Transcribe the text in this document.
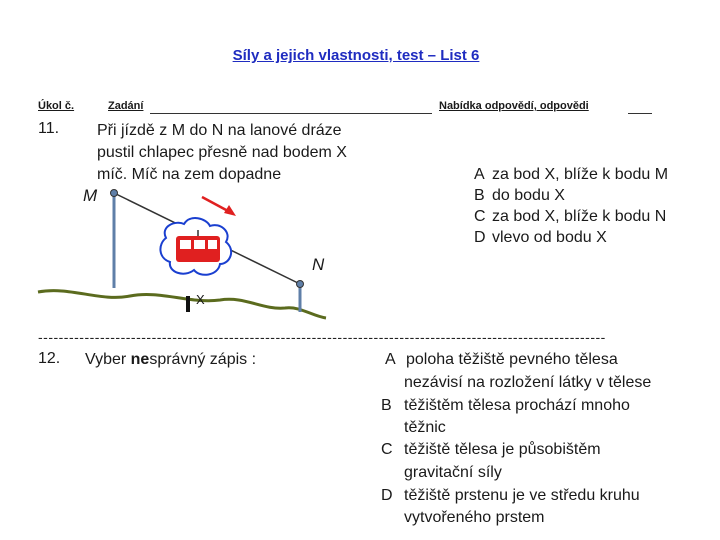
Síly a jejich vlastnosti, test – List 6
Úkol č.	Zadání	Nabídka odpovědí, odpovědi
11. Při jízdě z M do N na lanové dráze
pustil chlapec přesně nad bodem X
míč. Míč na zem dopadne
M
N
X
A za bod X, blíže k bodu M
B do bodu X
C za bod X, blíže k bodu N
D vlevo od bodu X
--------------------------------------------------------------------------------------------------------------
12. Vyber nesprávný zápis :	A poloha těžiště pevného tělesa
nezávisí na rozložení látky v tělese
B těžištěm tělesa prochází mnoho
těžnic
C těžiště tělesa je působištěm
gravitační síly
D těžiště prstenu je ve středu kruhu
vytvořeného prstem
